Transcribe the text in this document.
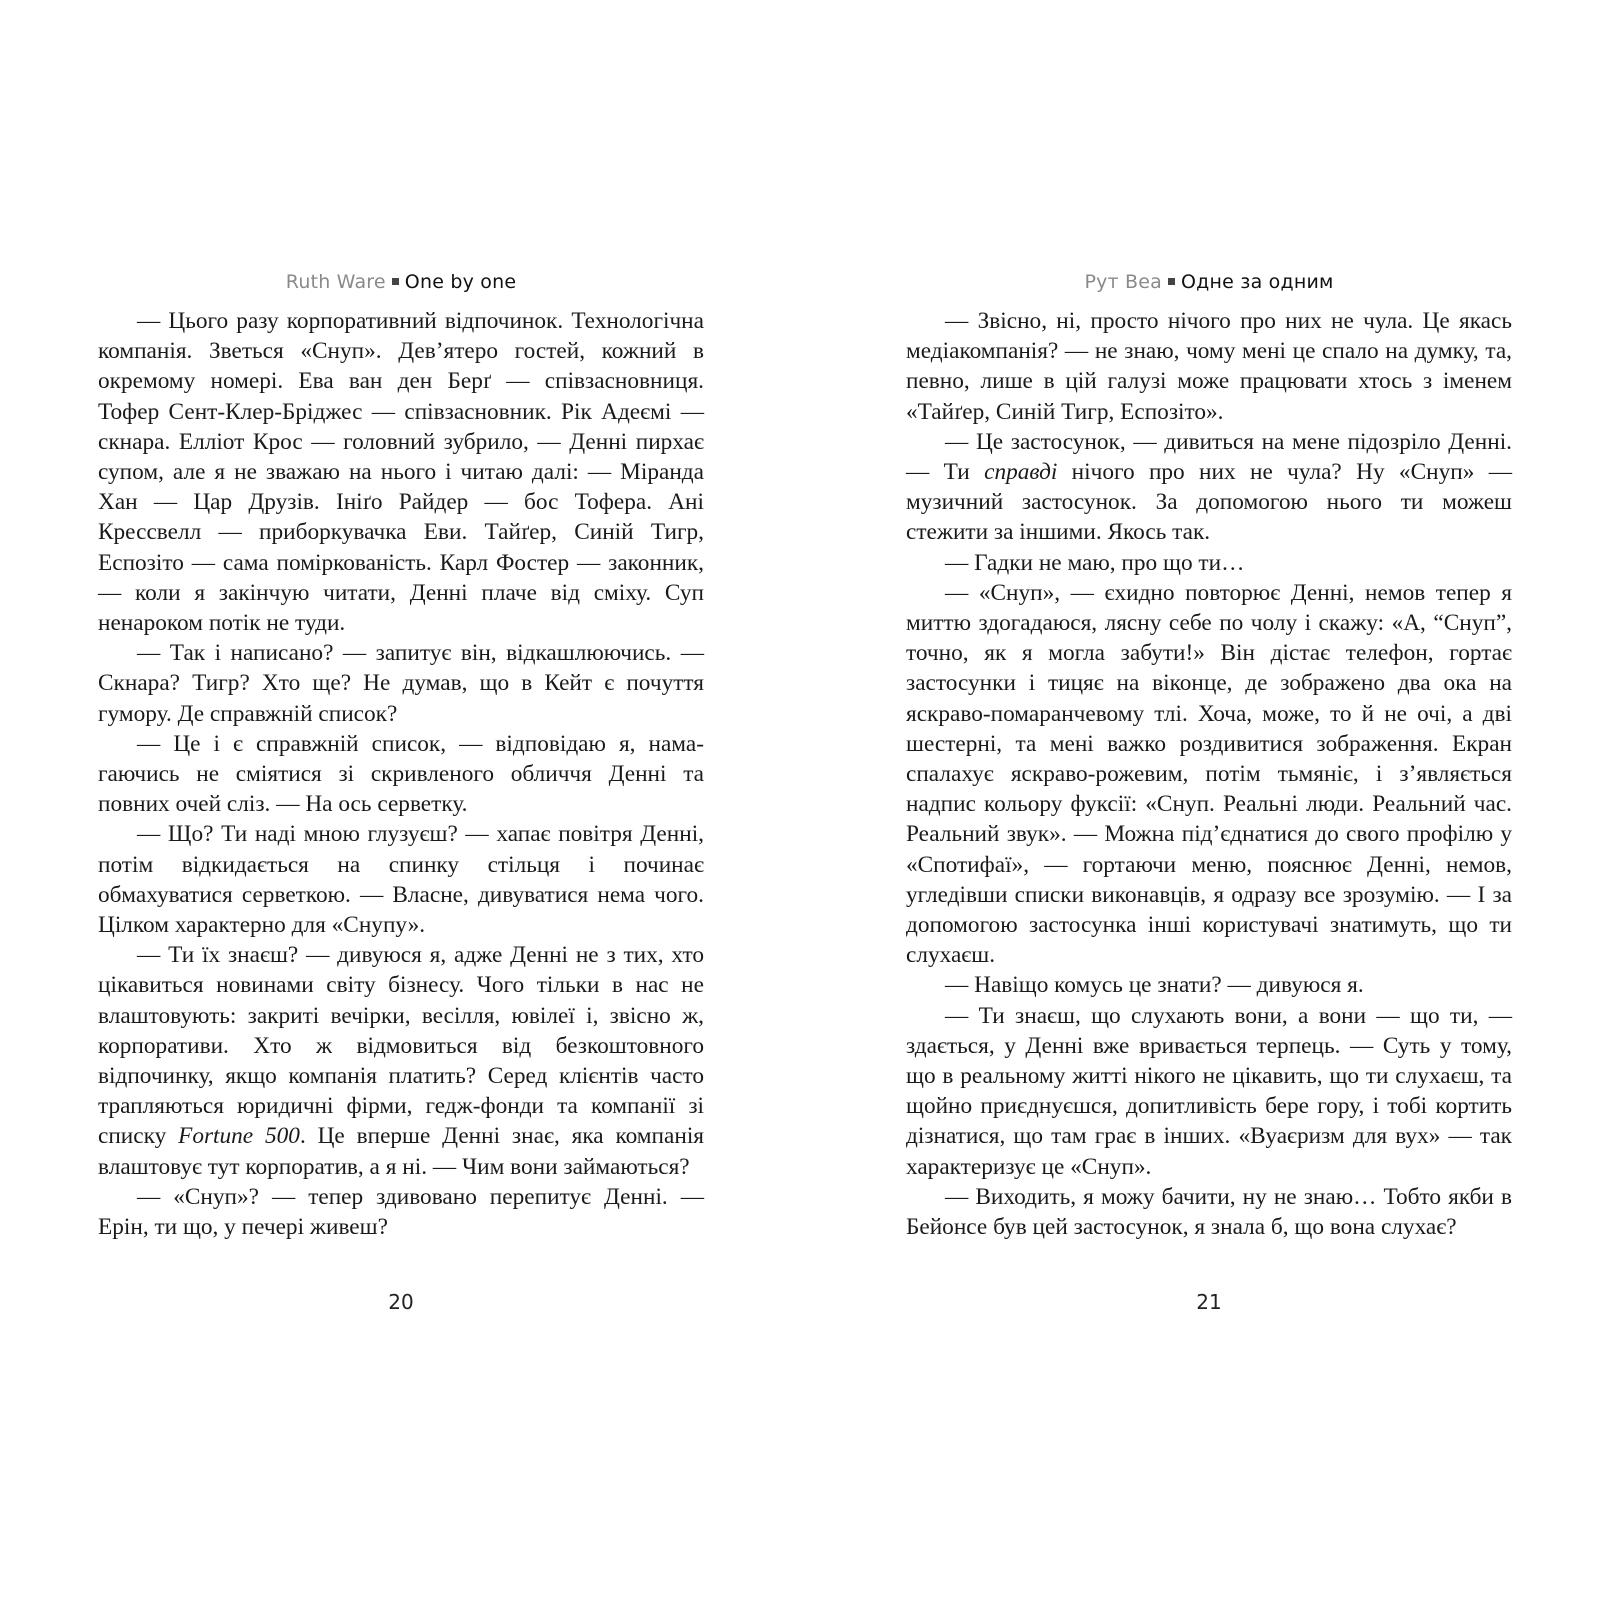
Ruth Ware One by one

— Цього разу корпоративний відпочинок. Технологічна компанія. Зветься «Снуп». Дев’ятеро гостей, кожний в окремому номері. Ева ван ден Берґ — співзасновниця. Тофер Сент-Клер-Бріджес — співзасновник. Рік Адеємі — скнара. Елліот Крос — головний зубрило, — Денні пирхає супом, але я не зважаю на нього і читаю далі: — Міранда Хан — Цар Друзів. Ініґо Райдер — бос Тофера. Ані Крессвелл — приборкувачка Еви. Тайґер, Синій Тигр, Еспозіто — сама поміркованість. Карл Фостер — законник, — коли я закінчую читати, Денні плаче від сміху. Суп ненароком потік не туди.

— Так і написано? — запитує він, відкашлюючись. — Скнара? Тигр? Хто ще? Не думав, що в Кейт є почуття гумору. Де справжній список?

— Це і є справжній список, — відповідаю я, намагаючись не сміятися зі скривленого обличчя Денні та повних очей сліз. — На ось серветку.

— Що? Ти наді мною глузуєш? — хапає повітря Денні, потім відкидається на спинку стільця і починає обмахуватися серветкою. — Власне, дивуватися нема чого. Цілком характерно для «Снупу».

— Ти їх знаєш? — дивуюся я, адже Денні не з тих, хто цікавиться новинами світу бізнесу. Чого тільки в нас не влаштовують: закриті вечірки, весілля, ювілеї і, звісно ж, корпоративи. Хто ж відмовиться від безкоштовного відпочинку, якщо компанія платить? Серед клієнтів часто трапляються юридичні фірми, гедж-фонди та компанії зі списку Fortune 500. Це вперше Денні знає, яка компанія влаштовує тут корпоратив, а я ні. — Чим вони займаються?

— «Снуп»? — тепер здивовано перепитує Денні. — Ерін, ти що, у печері живеш?

20
Рут Веа Одне за одним

— Звісно, ні, просто нічого про них не чула. Це якась медіакомпанія? — не знаю, чому мені це спало на думку, та, певно, лише в цій галузі може працювати хтось з іменем «Тайґер, Синій Тигр, Еспозіто».

— Це застосунок, — дивиться на мене підозріло Денні. — Ти справді нічого про них не чула? Ну «Снуп» — музичний застосунок. За допомогою нього ти можеш стежити за іншими. Якось так.

— Гадки не маю, про що ти…

— «Снуп», — єхидно повторює Денні, немов тепер я миттю здогадаюся, лясну себе по чолу і скажу: «А, “Снуп”, точно, як я могла забути!» Він дістає телефон, гортає застосунки і тицяє на віконце, де зображено два ока на яскраво-помаранчевому тлі. Хоча, може, то й не очі, а дві шестерні, та мені важко роздивитися зображення. Екран спалахує яскраво-рожевим, потім тьмяніє, і з’являється надпис кольору фуксії: «Снуп. Реальні люди. Реальний час. Реальний звук». — Можна під’єднатися до свого профілю у «Спотифаї», — гортаючи меню, пояснює Денні, немов, угледівши списки виконавців, я одразу все зрозумію. — І за допомогою застосунка інші користувачі знатимуть, що ти слухаєш.

— Навіщо комусь це знати? — дивуюся я.

— Ти знаєш, що слухають вони, а вони — що ти, — здається, у Денні вже вривається терпець. — Суть у тому, що в реальному житті нікого не цікавить, що ти слухаєш, та щойно приєднуєшся, допитливість бере гору, і тобі кортить дізнатися, що там грає в інших. «Вуаєризм для вух» — так характеризує це «Снуп».

— Виходить, я можу бачити, ну не знаю… Тобто якби в Бейонсе був цей застосунок, я знала б, що вона слухає?

21
